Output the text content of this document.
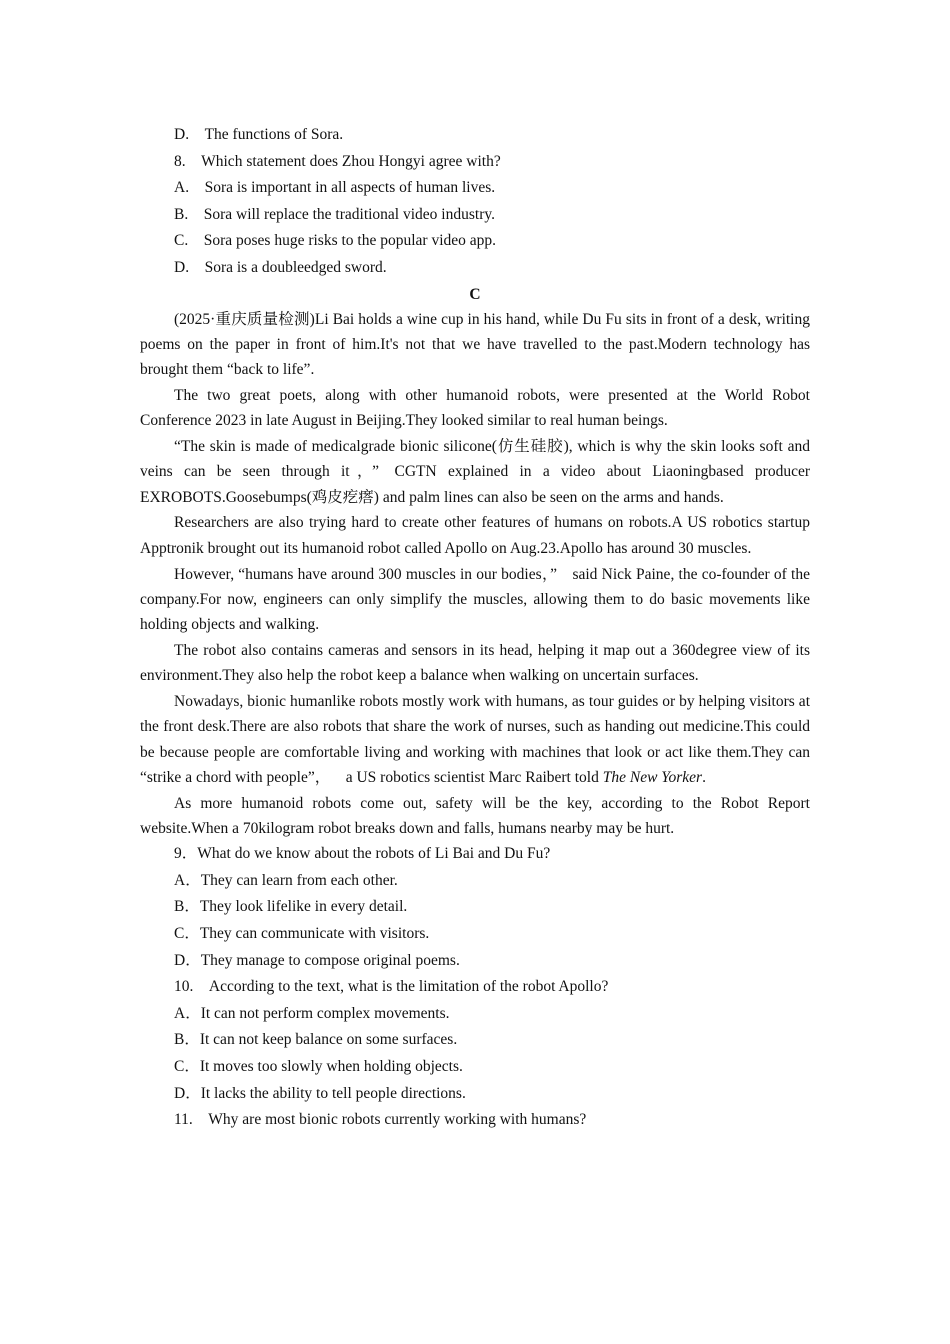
D. The functions of Sora.

8. Which statement does Zhou Hongyi agree with?

A. Sora is important in all aspects of human lives.

B. Sora will replace the traditional video industry.

C. Sora poses huge risks to the popular video app.

D. Sora is a doubleedged sword.

C

(2025·重庆质量检测)Li Bai holds a wine cup in his hand, while Du Fu sits in front of a desk, writing poems on the paper in front of him.It's not that we have travelled to the past.Modern technology has brought them “back to life”.

The two great poets, along with other humanoid robots, were presented at the World Robot Conference 2023 in late August in Beijing.They looked similar to real human beings.

“The skin is made of medicalgrade bionic silicone(仿生硅胶), which is why the skin looks soft and veins can be seen through it，” CGTN explained in a video about Liaoningbased producer EXROBOTS.Goosebumps(鸡皮疙瘩) and palm lines can also be seen on the arms and hands.

Researchers are also trying hard to create other features of humans on robots.A US robotics startup Apptronik brought out its humanoid robot called Apollo on Aug.23.Apollo has around 30 muscles.

However, “humans have around 300 muscles in our bodies，” said Nick Paine, the co-founder of the company.For now, engineers can only simplify the muscles, allowing them to do basic movements like holding objects and walking.

The robot also contains cameras and sensors in its head, helping it map out a 360degree view of its environment.They also help the robot keep a balance when walking on uncertain surfaces.

Nowadays, bionic humanlike robots mostly work with humans, as tour guides or by helping visitors at the front desk.There are also robots that share the work of nurses, such as handing out medicine.This could be because people are comfortable living and working with machines that look or act like them.They can “strike a chord with people”， a US robotics scientist Marc Raibert told The New Yorker.

As more humanoid robots come out, safety will be the key, according to the Robot Report website.When a 70kilogram robot breaks down and falls, humans nearby may be hurt.

9．What do we know about the robots of Li Bai and Du Fu?

A．They can learn from each other.

B．They look lifelike in every detail.

C．They can communicate with visitors.

D．They manage to compose original poems.

10. According to the text, what is the limitation of the robot Apollo?

A．It can not perform complex movements.

B．It can not keep balance on some surfaces.

C．It moves too slowly when holding objects.

D．It lacks the ability to tell people directions.

11. Why are most bionic robots currently working with humans?
